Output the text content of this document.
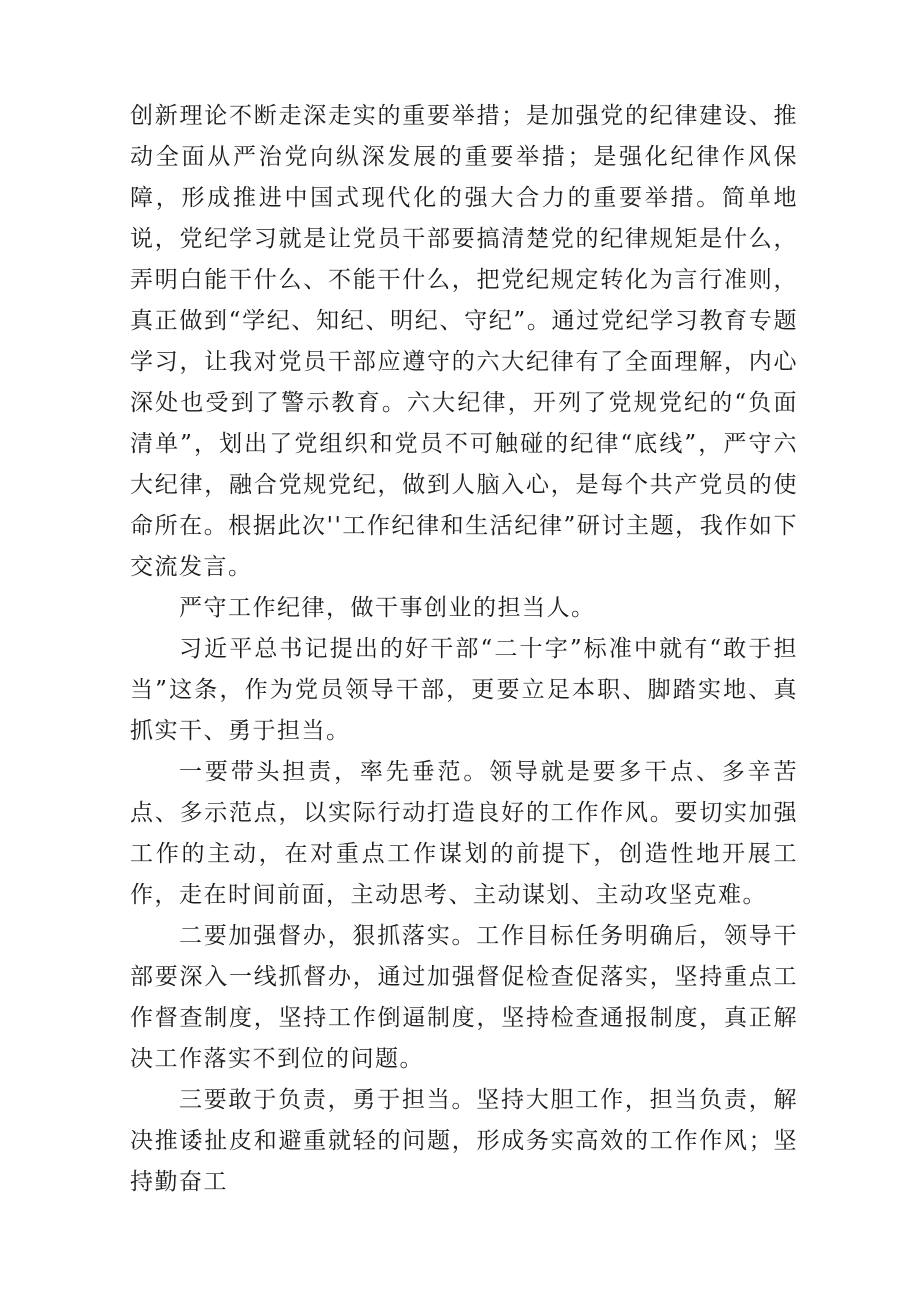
创新理论不断走深走实的重要举措；是加强党的纪律建设、推动全面从严治党向纵深发展的重要举措；是强化纪律作风保障，形成推进中国式现代化的强大合力的重要举措。简单地说，党纪学习就是让党员干部要搞清楚党的纪律规矩是什么，弄明白能干什么、不能干什么，把党纪规定转化为言行准则，真正做到“学纪、知纪、明纪、守纪”。通过党纪学习教育专题学习，让我对党员干部应遵守的六大纪律有了全面理解，内心深处也受到了警示教育。六大纪律，开列了党规党纪的“负面清单”，划出了党组织和党员不可触碰的纪律“底线”，严守六大纪律，融合党规党纪，做到人脑入心，是每个共产党员的使命所在。根据此次''工作纪律和生活纪律”研讨主题，我作如下交流发言。

严守工作纪律，做干事创业的担当人。

习近平总书记提出的好干部“二十字”标准中就有“敢于担当”这条，作为党员领导干部，更要立足本职、脚踏实地、真抓实干、勇于担当。

一要带头担责，率先垂范。领导就是要多干点、多辛苦点、多示范点，以实际行动打造良好的工作作风。要切实加强工作的主动，在对重点工作谋划的前提下，创造性地开展工作，走在时间前面，主动思考、主动谋划、主动攻坚克难。

二要加强督办，狠抓落实。工作目标任务明确后，领导干部要深入一线抓督办，通过加强督促检查促落实，坚持重点工作督查制度，坚持工作倒逼制度，坚持检查通报制度，真正解决工作落实不到位的问题。

三要敢于负责，勇于担当。坚持大胆工作，担当负责，解决推诿扯皮和避重就轻的问题，形成务实高效的工作作风；坚持勤奋工
